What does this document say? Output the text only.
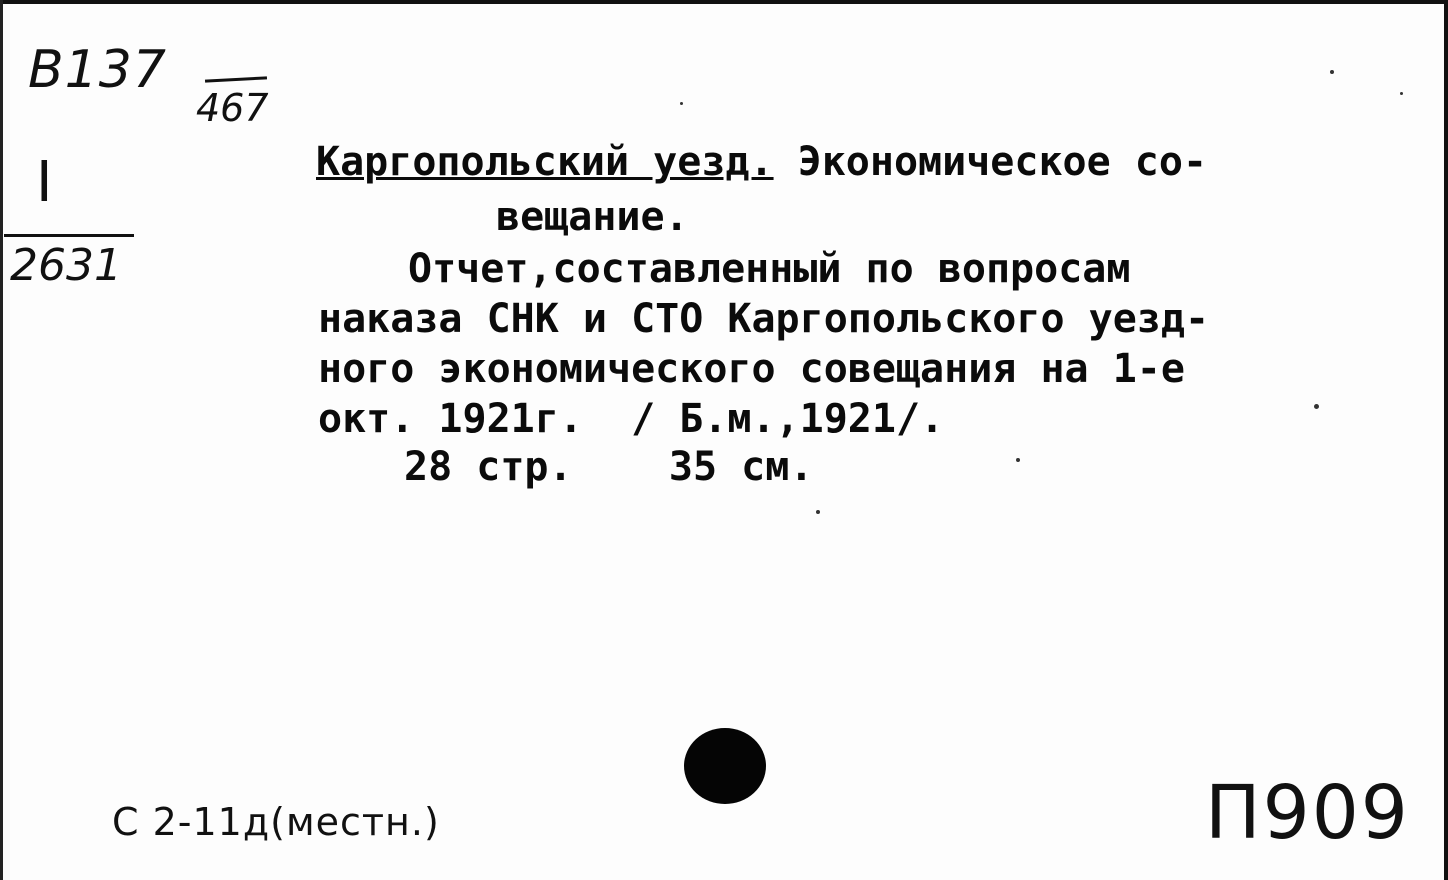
B137
467
I
2631
Каргопольский уезд. Экономическое со-
вещание.
Отчет,составленный по вопросам
наказа СНК и СТО Каргопольского уезд-
ного экономического совещания на 1-е
окт. 1921г.  / Б.м.,1921/.
28 стр.    35 см.
С 2-11д(местн.)	П909
